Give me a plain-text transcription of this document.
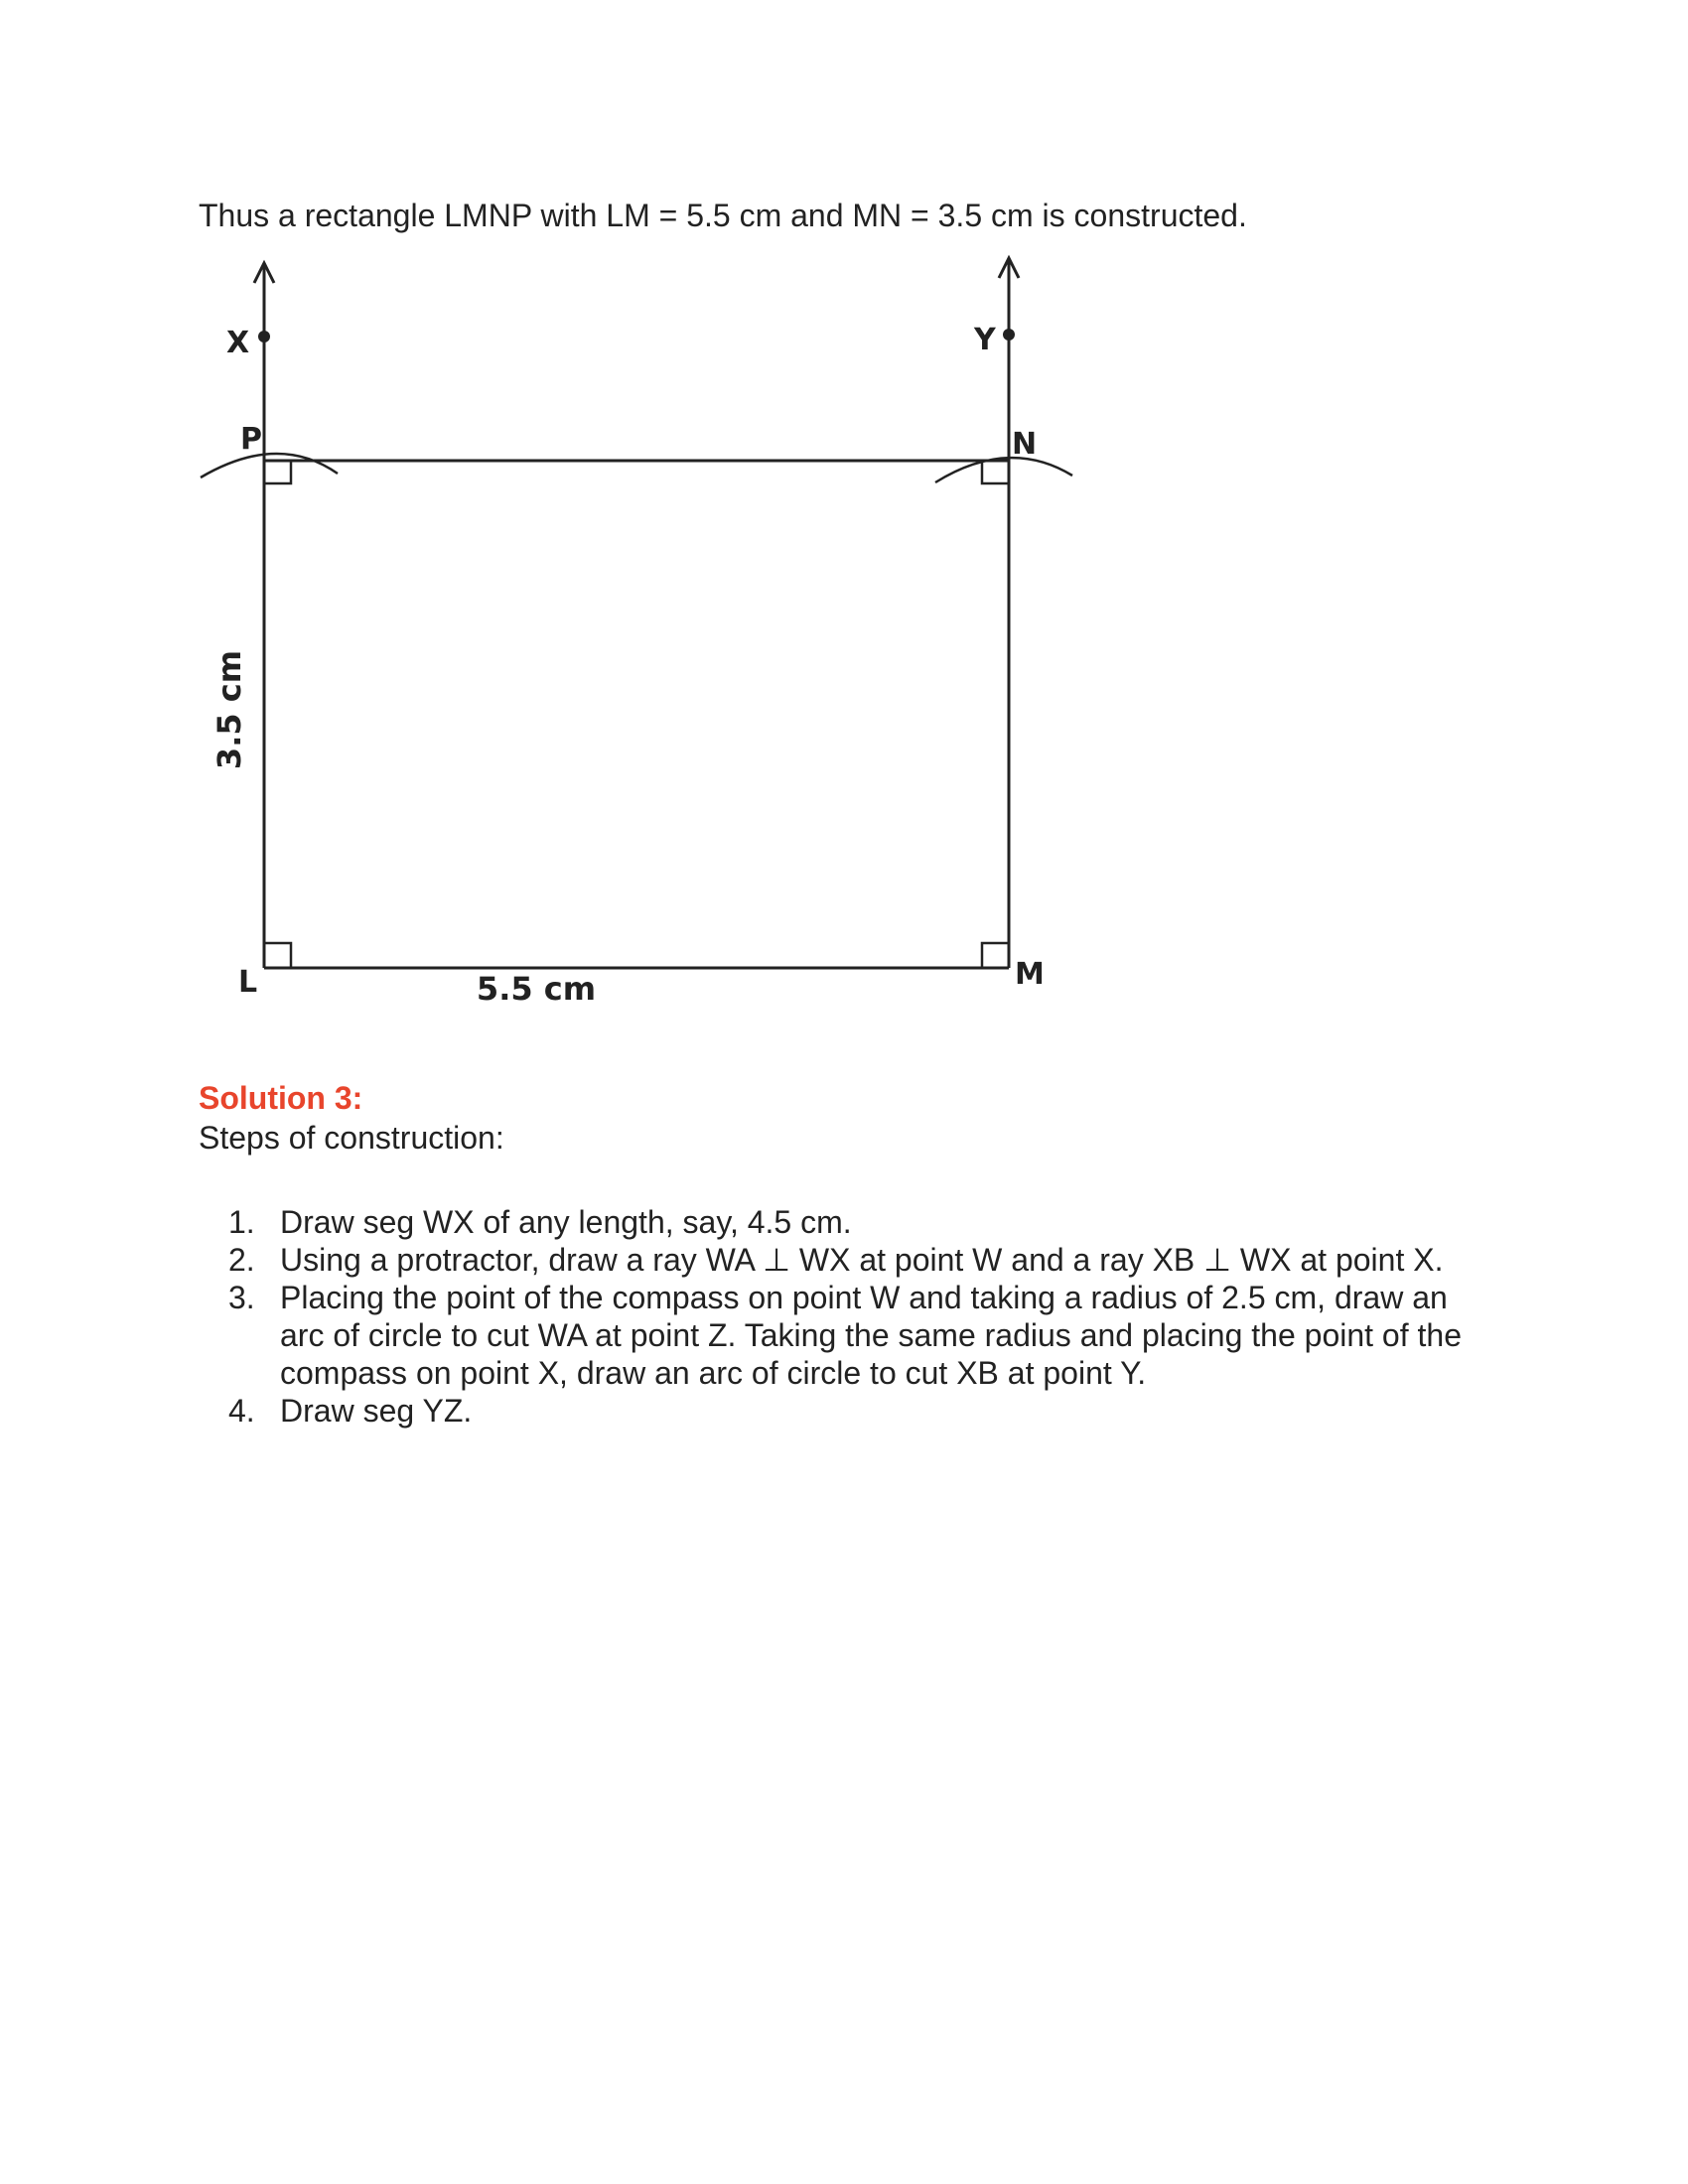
Thus a rectangle LMNP with LM = 5.5 cm and MN = 3.5 cm is constructed.
X	Y
P	N
L	M
5.5 cm
3.5 cm
Solution 3:
Steps of construction:
1. Draw seg WX of any length, say, 4.5 cm.
2. Using a protractor, draw a ray WA ⊥ WX at point W and a ray XB ⊥ WX at point X.
3. Placing the point of the compass on point W and taking a radius of 2.5 cm, draw an arc of circle to cut WA at point Z. Taking the same radius and placing the point of the compass on point X, draw an arc of circle to cut XB at point Y.
4. Draw seg YZ.
